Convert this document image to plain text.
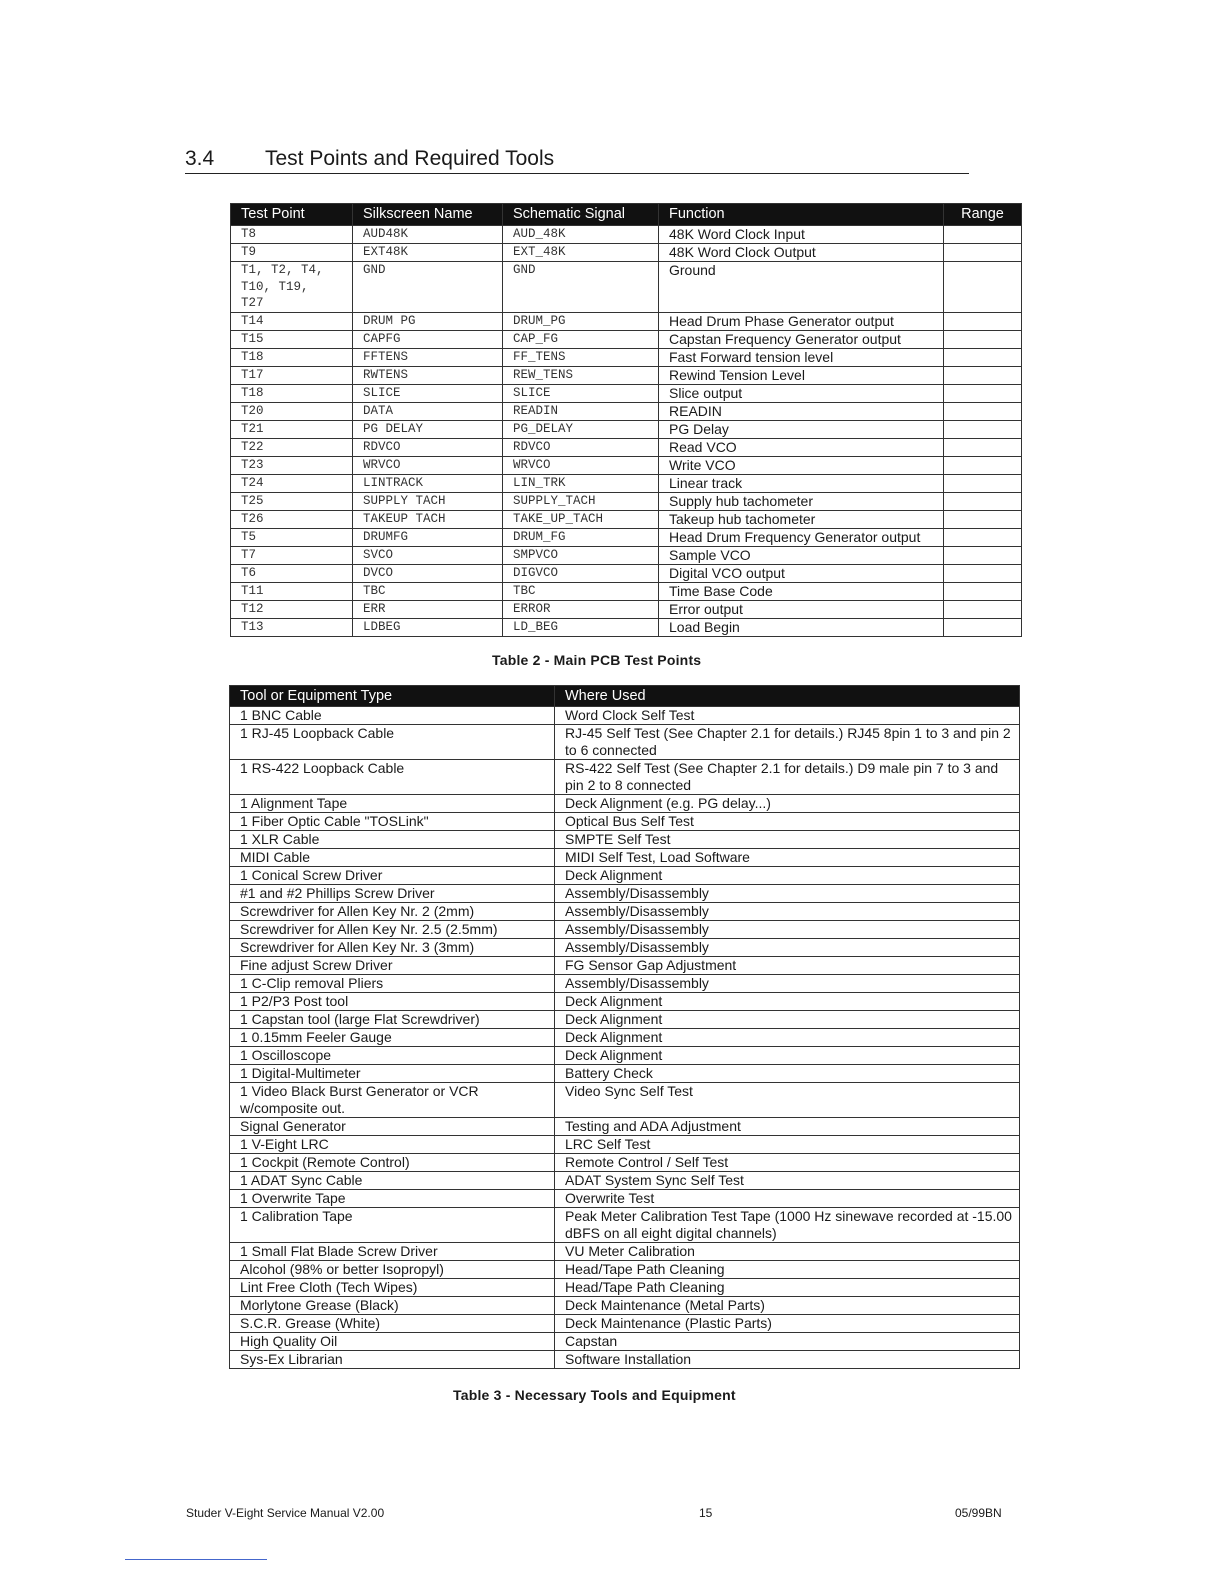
3.4 Test Points and Required Tools
Test Point	Silkscreen Name	Schematic Signal	Function	Range
T8	AUD48K	AUD_48K	48K Word Clock Input	
T9	EXT48K	EXT_48K	48K Word Clock Output	
T1, T2, T4,
T10, T19,
T27	GND	GND	Ground	
T14	DRUM PG	DRUM_PG	Head Drum Phase Generator output	
T15	CAPFG	CAP_FG	Capstan Frequency Generator output	
T18	FFTENS	FF_TENS	Fast Forward tension level	
T17	RWTENS	REW_TENS	Rewind Tension Level	
T18	SLICE	SLICE	Slice output	
T20	DATA	READIN	READIN	
T21	PG DELAY	PG_DELAY	PG Delay	
T22	RDVCO	RDVCO	Read VCO	
T23	WRVCO	WRVCO	Write VCO	
T24	LINTRACK	LIN_TRK	Linear track	
T25	SUPPLY TACH	SUPPLY_TACH	Supply hub tachometer	
T26	TAKEUP TACH	TAKE_UP_TACH	Takeup hub tachometer	
T5	DRUMFG	DRUM_FG	Head Drum Frequency Generator output	
T7	SVCO	SMPVCO	Sample VCO	
T6	DVCO	DIGVCO	Digital VCO output	
T11	TBC	TBC	Time Base Code	
T12	ERR	ERROR	Error output	
T13	LDBEG	LD_BEG	Load Begin	
Table 2 - Main PCB Test Points
Tool or Equipment Type	Where Used
1 BNC Cable	Word Clock Self Test
1 RJ-45 Loopback Cable	RJ-45 Self Test (See Chapter 2.1 for details.) RJ45 8pin 1 to 3 and pin 2 to 6 connected
1 RS-422 Loopback Cable	RS-422 Self Test (See Chapter 2.1 for details.) D9 male pin 7 to 3 and pin 2 to 8 connected
1 Alignment Tape	Deck Alignment (e.g. PG delay...)
1 Fiber Optic Cable "TOSLink"	Optical Bus Self Test
1 XLR Cable	SMPTE Self Test
MIDI Cable	MIDI Self Test, Load Software
1 Conical Screw Driver	Deck Alignment
#1 and #2 Phillips Screw Driver	Assembly/Disassembly
Screwdriver for Allen Key Nr. 2 (2mm)	Assembly/Disassembly
Screwdriver for Allen Key Nr. 2.5 (2.5mm)	Assembly/Disassembly
Screwdriver for Allen Key Nr. 3 (3mm)	Assembly/Disassembly
Fine adjust Screw Driver	FG Sensor Gap Adjustment
1 C-Clip removal Pliers	Assembly/Disassembly
1 P2/P3 Post tool	Deck Alignment
1 Capstan tool (large Flat Screwdriver)	Deck Alignment
1 0.15mm Feeler Gauge	Deck Alignment
1 Oscilloscope	Deck Alignment
1 Digital-Multimeter	Battery Check
1 Video Black Burst Generator or VCR w/composite out.	Video Sync Self Test
Signal Generator	Testing and ADA Adjustment
1 V-Eight LRC	LRC Self Test
1 Cockpit (Remote Control)	Remote Control / Self Test
1 ADAT Sync Cable	ADAT System Sync Self Test
1 Overwrite Tape	Overwrite Test
1 Calibration Tape	Peak Meter Calibration Test Tape (1000 Hz sinewave recorded at -15.00 dBFS on all eight digital channels)
1 Small Flat Blade Screw Driver	VU Meter Calibration
Alcohol (98% or better Isopropyl)	Head/Tape Path Cleaning
Lint Free Cloth (Tech Wipes)	Head/Tape Path Cleaning
Morlytone Grease (Black)	Deck Maintenance (Metal Parts)
S.C.R. Grease (White)	Deck Maintenance (Plastic Parts)
High Quality Oil	Capstan
Sys-Ex Librarian	Software Installation
Table 3 - Necessary Tools and Equipment
Studer V-Eight Service Manual V2.00	15	05/99BN
